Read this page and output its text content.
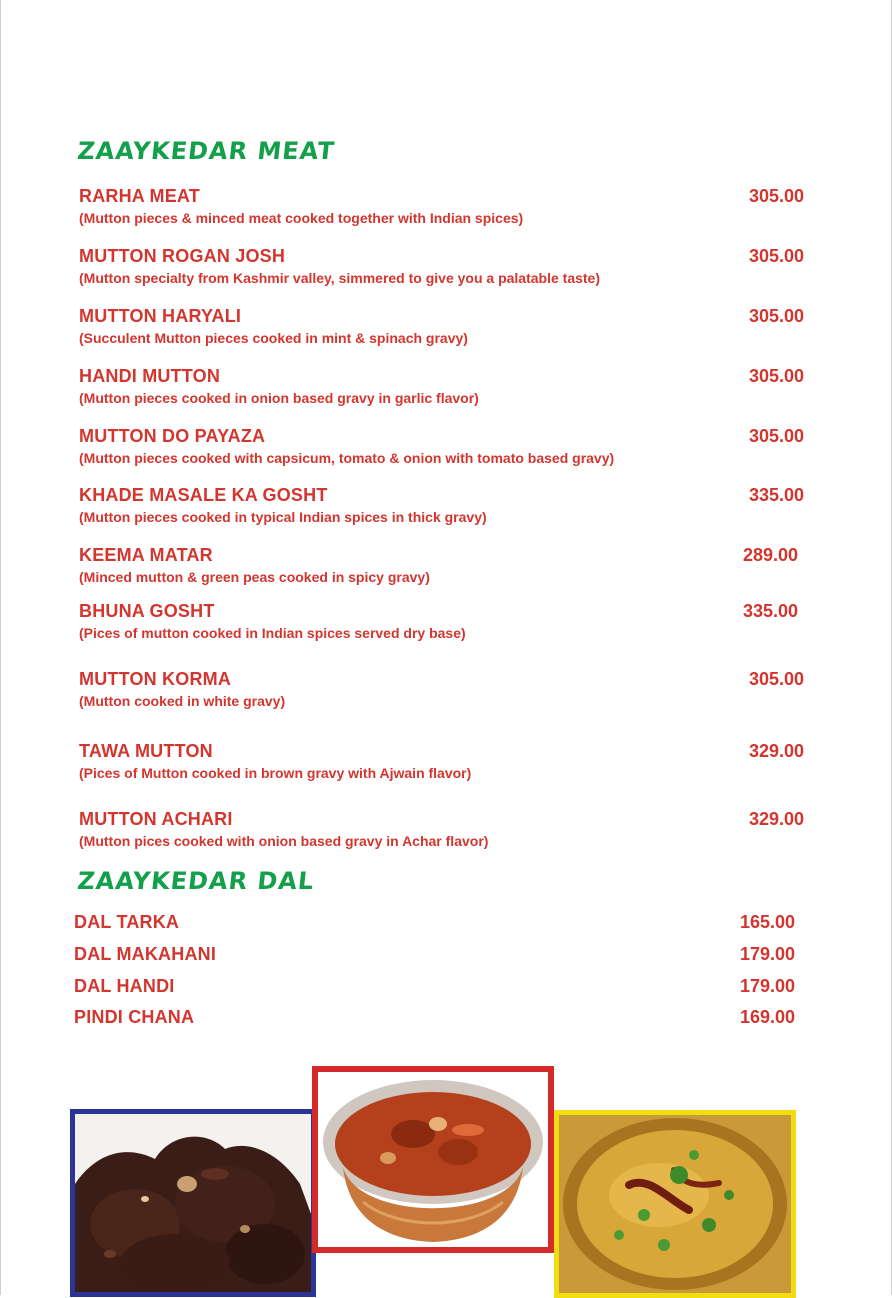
ZAAYKEDAR MEAT
RARHA MEAT
(Mutton pieces & minced meat cooked together with Indian spices)
305.00
MUTTON ROGAN JOSH
(Mutton specialty from Kashmir valley, simmered to give you a palatable taste)
305.00
MUTTON HARYALI
(Succulent Mutton pieces cooked in mint & spinach gravy)
305.00
HANDI MUTTON
(Mutton pieces cooked in onion based gravy in garlic flavor)
305.00
MUTTON DO PAYAZA
(Mutton pieces cooked with capsicum, tomato & onion with tomato based gravy)
305.00
KHADE MASALE KA GOSHT
(Mutton pieces cooked in typical Indian spices in thick gravy)
335.00
KEEMA MATAR
(Minced mutton & green peas cooked in spicy gravy)
289.00
BHUNA GOSHT
(Pices of mutton cooked in Indian spices served dry base)
335.00
MUTTON KORMA
(Mutton cooked in white gravy)
305.00
TAWA MUTTON
(Pices of Mutton cooked in brown gravy with Ajwain flavor)
329.00
MUTTON ACHARI
(Mutton pices cooked with onion based gravy in Achar flavor)
329.00
ZAAYKEDAR DAL
DAL TARKA	165.00
DAL MAKAHANI	179.00
DAL HANDI	179.00
PINDI CHANA	169.00
